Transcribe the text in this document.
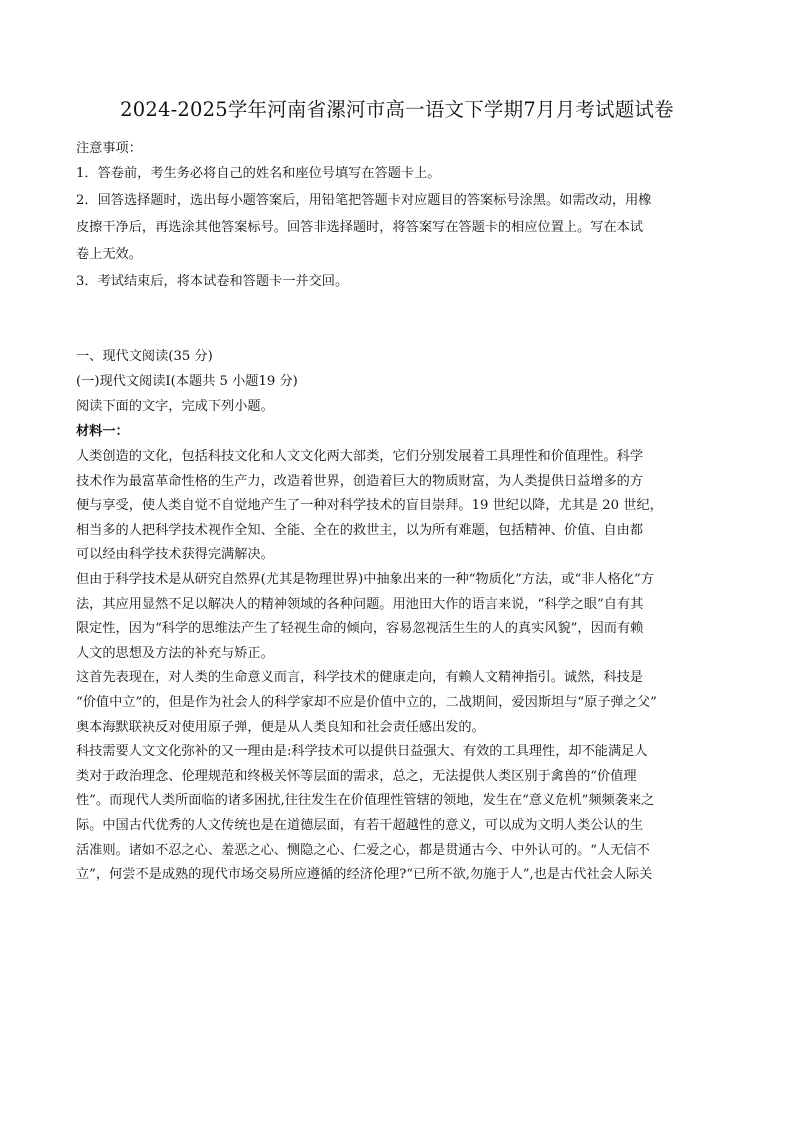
2024-2025学年河南省漯河市高一语文下学期7月月考试题试卷
注意事项：
1．答卷前，考生务必将自己的姓名和座位号填写在答题卡上。
2．回答选择题时，选出每小题答案后，用铅笔把答题卡对应题目的答案标号涂黑。如需改动，用橡
皮擦干净后，再选涂其他答案标号。回答非选择题时，将答案写在答题卡的相应位置上。写在本试
卷上无效。
3．考试结束后，将本试卷和答题卡一并交回。
一、现代文阅读(35 分)
(一)现代文阅读Ⅰ(本题共 5 小题19 分)
阅读下面的文字，完成下列小题。
材料一：
人类创造的文化，包括科技文化和人文文化两大部类，它们分别发展着工具理性和价值理性。科学
技术作为最富革命性格的生产力，改造着世界，创造着巨大的物质财富，为人类提供日益增多的方
便与享受，使人类自觉不自觉地产生了一种对科学技术的盲目崇拜。19 世纪以降，尤其是 20 世纪，
相当多的人把科学技术视作全知、全能、全在的救世主，以为所有难题，包括精神、价值、自由都
可以经由科学技术获得完满解决。
但由于科学技术是从研究自然界(尤其是物理世界)中抽象出来的一种“物质化”方法，或“非人格化”方
法，其应用显然不足以解决人的精神领域的各种问题。用池田大作的语言来说，“科学之眼”自有其
限定性，因为“科学的思维法产生了轻视生命的倾向，容易忽视活生生的人的真实风貌”，因而有赖
人文的思想及方法的补充与矫正。
这首先表现在，对人类的生命意义而言，科学技术的健康走向，有赖人文精神指引。诚然，科技是
“价值中立”的，但是作为社会人的科学家却不应是价值中立的，二战期间，爱因斯坦与“原子弹之父”
奥本海默联袂反对使用原子弹，便是从人类良知和社会责任感出发的。
科技需要人文文化弥补的又一理由是:科学技术可以提供日益强大、有效的工具理性，却不能满足人
类对于政治理念、伦理规范和终极关怀等层面的需求，总之，无法提供人类区别于禽兽的“价值理
性”。而现代人类所面临的诸多困扰,往往发生在价值理性管辖的领地，发生在“意义危机”频频袭来之
际。中国古代优秀的人文传统也是在道德层面，有若干超越性的意义，可以成为文明人类公认的生
活准则。诸如不忍之心、羞恶之心、恻隐之心、仁爱之心，都是贯通古今、中外认可的。“人无信不
立”，何尝不是成熟的现代市场交易所应遵循的经济伦理?“已所不欲,勿施于人”,也是古代社会人际关
